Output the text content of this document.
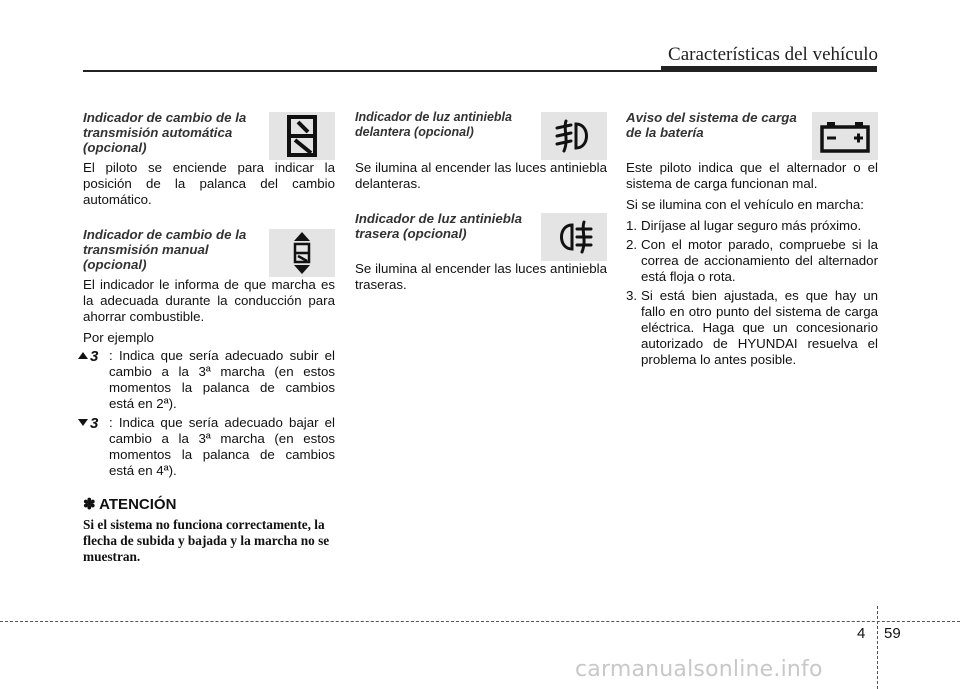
Características del vehículo
Indicador de cambio de la transmisión automática (opcional)

El piloto se enciende para indicar la posición de la palanca del cambio automático.

Indicador de cambio de la transmisión manual (opcional)

El indicador le informa de que marcha es la adecuada durante la conducción para ahorrar combustible.

Por ejemplo

3 : Indica que sería adecuado subir el cambio a la 3ª marcha (en estos momentos la palanca de cambios está en 2ª).
3 : Indica que sería adecuado bajar el cambio a la 3ª marcha (en estos momentos la palanca de cambios está en 4ª).
✽ ATENCIÓN
Si el sistema no funciona correctamente, la flecha de subida y bajada y la marcha no se muestran.
Indicador de luz antiniebla delantera (opcional)

Se ilumina al encender las luces antiniebla delanteras.

Indicador de luz antiniebla trasera (opcional)

Se ilumina al encender las luces antiniebla traseras.

Aviso del sistema de carga de la batería

Este piloto indica que el alternador o el sistema de carga funcionan mal.

Si se ilumina con el vehículo en marcha:

1. Diríjase al lugar seguro más próximo.
2. Con el motor parado, compruebe si la correa de accionamiento del alternador está floja o rota.
3. Si está bien ajustada, es que hay un fallo en otro punto del sistema de carga eléctrica. Haga que un concesionario autorizado de HYUNDAI resuelva el problema lo antes posible.
4 59
carmanualsonline.info
